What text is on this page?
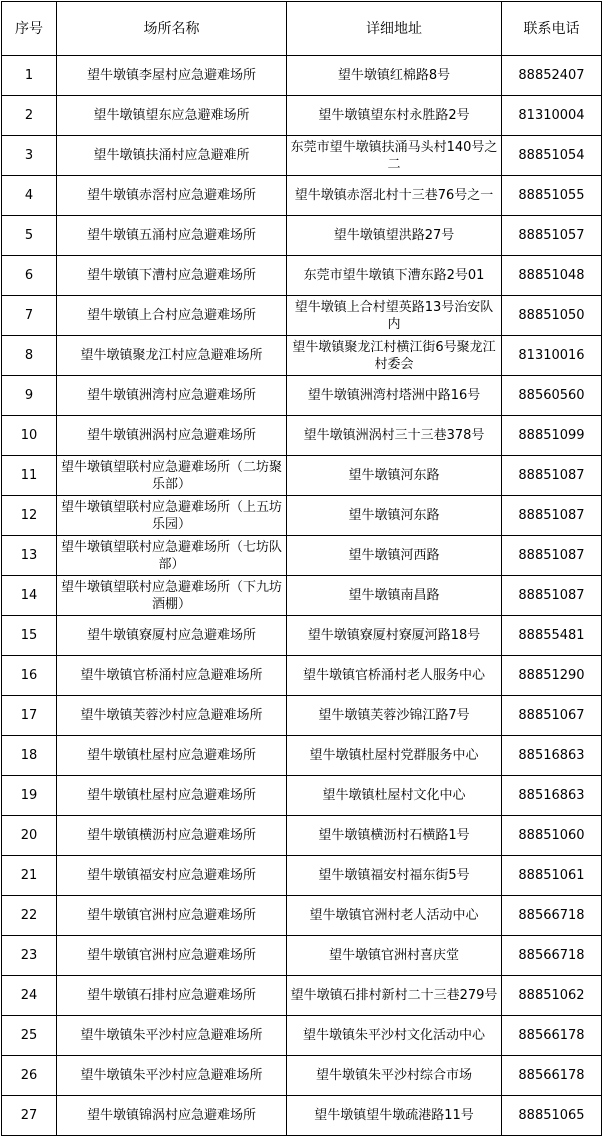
序号	场所名称	详细地址	联系电话
1	望牛墩镇李屋村应急避难场所	望牛墩镇红棉路8号	88852407
2	望牛墩镇望东应急避难场所	望牛墩镇望东村永胜路2号	81310004
3	望牛墩镇扶涌村应急避难所	东莞市望牛墩镇扶涌马头村140号之二	88851054
4	望牛墩镇赤滘村应急避难场所	望牛墩镇赤滘北村十三巷76号之一	88851055
5	望牛墩镇五涌村应急避难场所	望牛墩镇望洪路27号	88851057
6	望牛墩镇下漕村应急避难场所	东莞市望牛墩镇下漕东路2号01	88851048
7	望牛墩镇上合村应急避难场所	望牛墩镇上合村望英路13号治安队内	88851050
8	望牛墩镇聚龙江村应急避难场所	望牛墩镇聚龙江村横江街6号聚龙江村委会	81310016
9	望牛墩镇洲湾村应急避难场所	望牛墩镇洲湾村塔洲中路16号	88560560
10	望牛墩镇洲涡村应急避难场所	望牛墩镇洲涡村三十三巷378号	88851099
11	望牛墩镇望联村应急避难场所（二坊聚乐部）	望牛墩镇河东路	88851087
12	望牛墩镇望联村应急避难场所（上五坊乐园）	望牛墩镇河东路	88851087
13	望牛墩镇望联村应急避难场所（七坊队部）	望牛墩镇河西路	88851087
14	望牛墩镇望联村应急避难场所（下九坊酒棚）	望牛墩镇南昌路	88851087
15	望牛墩镇寮厦村应急避难场所	望牛墩镇寮厦村寮厦河路18号	88855481
16	望牛墩镇官桥涌村应急避难场所	望牛墩镇官桥涌村老人服务中心	88851290
17	望牛墩镇芙蓉沙村应急避难场所	望牛墩镇芙蓉沙锦江路7号	88851067
18	望牛墩镇杜屋村应急避难场所	望牛墩镇杜屋村党群服务中心	88516863
19	望牛墩镇杜屋村应急避难场所	望牛墩镇杜屋村文化中心	88516863
20	望牛墩镇横沥村应急避难场所	望牛墩镇横沥村石横路1号	88851060
21	望牛墩镇福安村应急避难场所	望牛墩镇福安村福东街5号	88851061
22	望牛墩镇官洲村应急避难场所	望牛墩镇官洲村老人活动中心	88566718
23	望牛墩镇官洲村应急避难场所	望牛墩镇官洲村喜庆堂	88566718
24	望牛墩镇石排村应急避难场所	望牛墩镇石排村新村二十三巷279号	88851062
25	望牛墩镇朱平沙村应急避难场所	望牛墩镇朱平沙村文化活动中心	88566178
26	望牛墩镇朱平沙村应急避难场所	望牛墩镇朱平沙村综合市场	88566178
27	望牛墩镇锦涡村应急避难场所	望牛墩镇望牛墩疏港路11号	88851065
